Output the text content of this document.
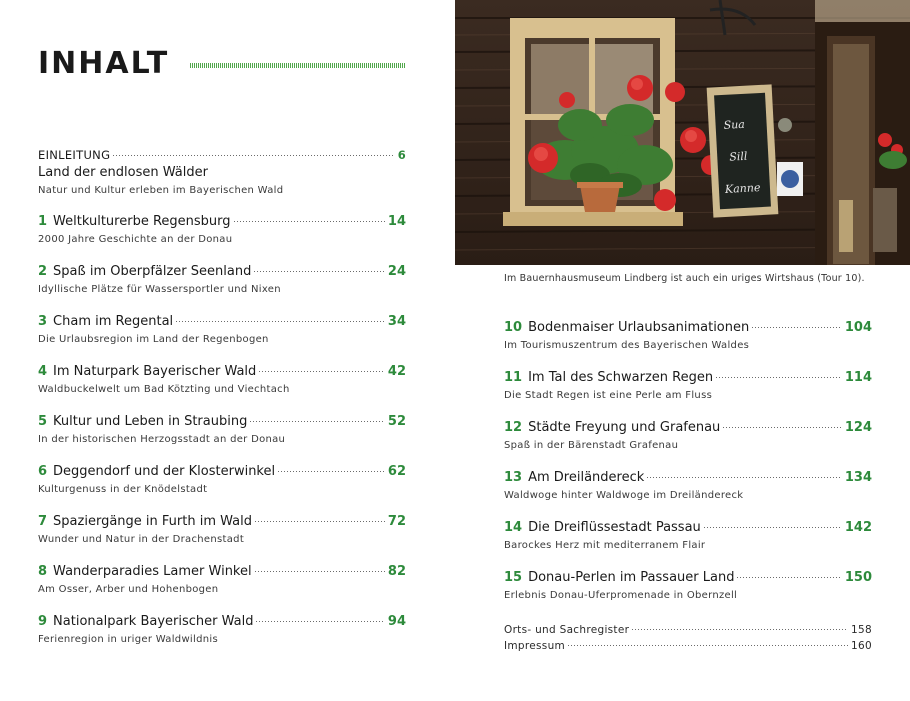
INHALT
EINLEITUNG	6
Land der endlosen Wälder
Natur und Kultur erleben im Bayerischen Wald
1 Weltkulturerbe Regensburg	14
2000 Jahre Geschichte an der Donau
2 Spaß im Oberpfälzer Seenland	24
Idyllische Plätze für Wassersportler und Nixen
3 Cham im Regental	34
Die Urlaubsregion im Land der Regenbogen
4 Im Naturpark Bayerischer Wald	42
Waldbuckelwelt um Bad Kötzting und Viechtach
5 Kultur und Leben in Straubing	52
In der historischen Herzogsstadt an der Donau
6 Deggendorf und der Klosterwinkel	62
Kulturgenuss in der Knödelstadt
7 Spaziergänge in Furth im Wald	72
Wunder und Natur in der Drachenstadt
8 Wanderparadies Lamer Winkel	82
Am Osser, Arber und Hohenbogen
9 Nationalpark Bayerischer Wald	94
Ferienregion in uriger Waldwildnis
Sua
Sill
Kanne
Im Bauernhausmuseum Lindberg ist auch ein uriges Wirtshaus (Tour 10).
10 Bodenmaiser Urlaubsanimationen	104
Im Tourismuszentrum des Bayerischen Waldes
11 Im Tal des Schwarzen Regen	114
Die Stadt Regen ist eine Perle am Fluss
12 Städte Freyung und Grafenau	124
Spaß in der Bärenstadt Grafenau
13 Am Dreiländereck	134
Waldwoge hinter Waldwoge im Dreiländereck
14 Die Dreiflüssestadt Passau	142
Barockes Herz mit mediterranem Flair
15 Donau-Perlen im Passauer Land	150
Erlebnis Donau-Uferpromenade in Obernzell
Orts- und Sachregister	158
Impressum	160
